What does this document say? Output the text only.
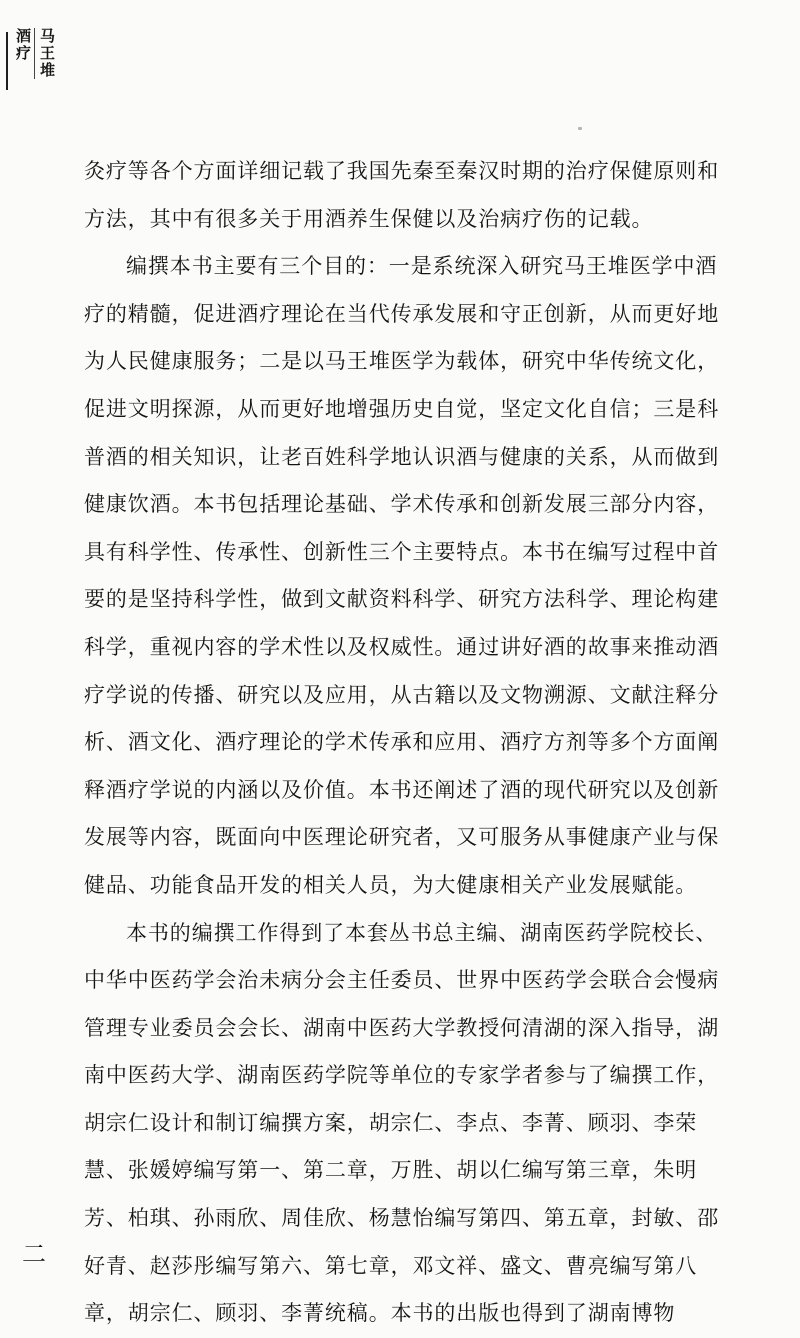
酒疗 马王堆
灸疗等各个方面详细记载了我国先秦至秦汉时期的治疗保健原则和
方法，其中有很多关于用酒养生保健以及治病疗伤的记载。
编撰本书主要有三个目的：一是系统深入研究马王堆医学中酒
疗的精髓，促进酒疗理论在当代传承发展和守正创新，从而更好地
为人民健康服务；二是以马王堆医学为载体，研究中华传统文化，
促进文明探源，从而更好地增强历史自觉，坚定文化自信；三是科
普酒的相关知识，让老百姓科学地认识酒与健康的关系，从而做到
健康饮酒。本书包括理论基础、学术传承和创新发展三部分内容，
具有科学性、传承性、创新性三个主要特点。本书在编写过程中首
要的是坚持科学性，做到文献资料科学、研究方法科学、理论构建
科学，重视内容的学术性以及权威性。通过讲好酒的故事来推动酒
疗学说的传播、研究以及应用，从古籍以及文物溯源、文献注释分
析、酒文化、酒疗理论的学术传承和应用、酒疗方剂等多个方面阐
释酒疗学说的内涵以及价值。本书还阐述了酒的现代研究以及创新
发展等内容，既面向中医理论研究者，又可服务从事健康产业与保
健品、功能食品开发的相关人员，为大健康相关产业发展赋能。
本书的编撰工作得到了本套丛书总主编、湖南医药学院校长、
中华中医药学会治未病分会主任委员、世界中医药学会联合会慢病
管理专业委员会会长、湖南中医药大学教授何清湖的深入指导，湖
南中医药大学、湖南医药学院等单位的专家学者参与了编撰工作，
胡宗仁设计和制订编撰方案，胡宗仁、李点、李菁、顾羽、李荣
慧、张媛婷编写第一、第二章，万胜、胡以仁编写第三章，朱明
芳、柏琪、孙雨欣、周佳欣、杨慧怡编写第四、第五章，封敏、邵
好青、赵莎彤编写第六、第七章，邓文祥、盛文、曹亮编写第八
章，胡宗仁、顾羽、李菁统稿。本书的出版也得到了湖南博物
二
